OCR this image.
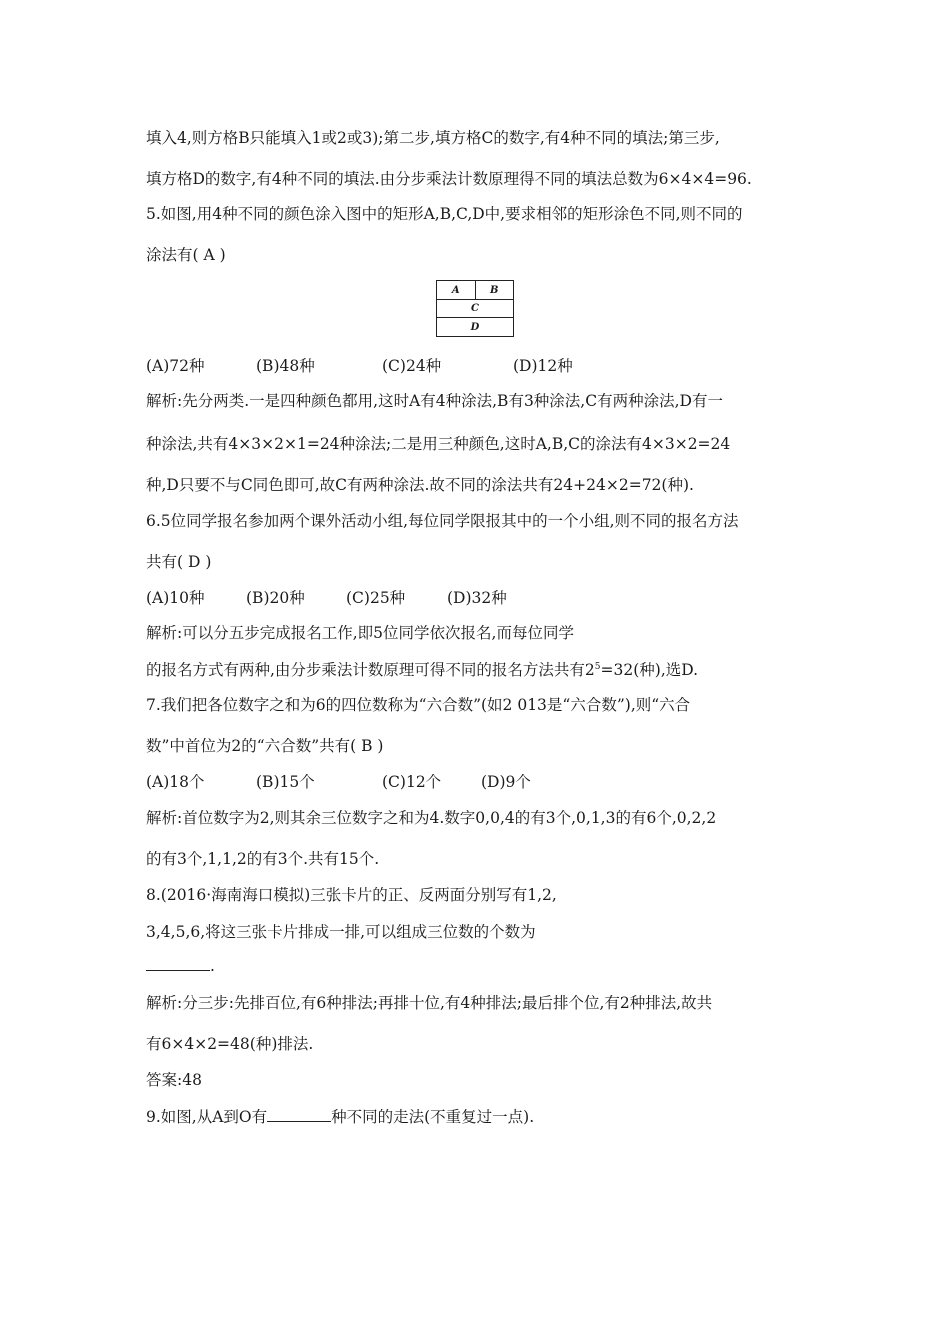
填入4,则方格B只能填入1或2或3);第二步,填方格C的数字,有4种不同的填法;第三步,
填方格D的数字,有4种不同的填法.由分步乘法计数原理得不同的填法总数为6×4×4=96.
5.如图,用4种不同的颜色涂入图中的矩形A,B,C,D中,要求相邻的矩形涂色不同,则不同的
涂法有( A )
A	B
C
D
(A)72种	(B)48种	(C)24种	(D)12种
解析:先分两类.一是四种颜色都用,这时A有4种涂法,B有3种涂法,C有两种涂法,D有一
种涂法,共有4×3×2×1=24种涂法;二是用三种颜色,这时A,B,C的涂法有4×3×2=24
种,D只要不与C同色即可,故C有两种涂法.故不同的涂法共有24+24×2=72(种).
6.5位同学报名参加两个课外活动小组,每位同学限报其中的一个小组,则不同的报名方法
共有( D )
(A)10种	(B)20种	(C)25种	(D)32种
解析:可以分五步完成报名工作,即5位同学依次报名,而每位同学
的报名方式有两种,由分步乘法计数原理可得不同的报名方法共有$2^5=32$(种),选D.
7.我们把各位数字之和为6的四位数称为“六合数”(如2 013是“六合数”),则“六合
数”中首位为2的“六合数”共有( B )
(A)18个	(B)15个	(C)12个	(D)9个
解析:首位数字为2,则其余三位数字之和为4.数字0,0,4的有3个,0,1,3的有6个,0,2,2
的有3个,1,1,2的有3个.共有15个.
8.(2016·海南海口模拟)三张卡片的正、反两面分别写有1,2,
3,4,5,6,将这三张卡片排成一排,可以组成三位数的个数为
.
解析:分三步:先排百位,有6种排法;再排十位,有4种排法;最后排个位,有2种排法,故共
有6×4×2=48(种)排法.
答案:48
9.如图,从A到O有	种不同的走法(不重复过一点).
